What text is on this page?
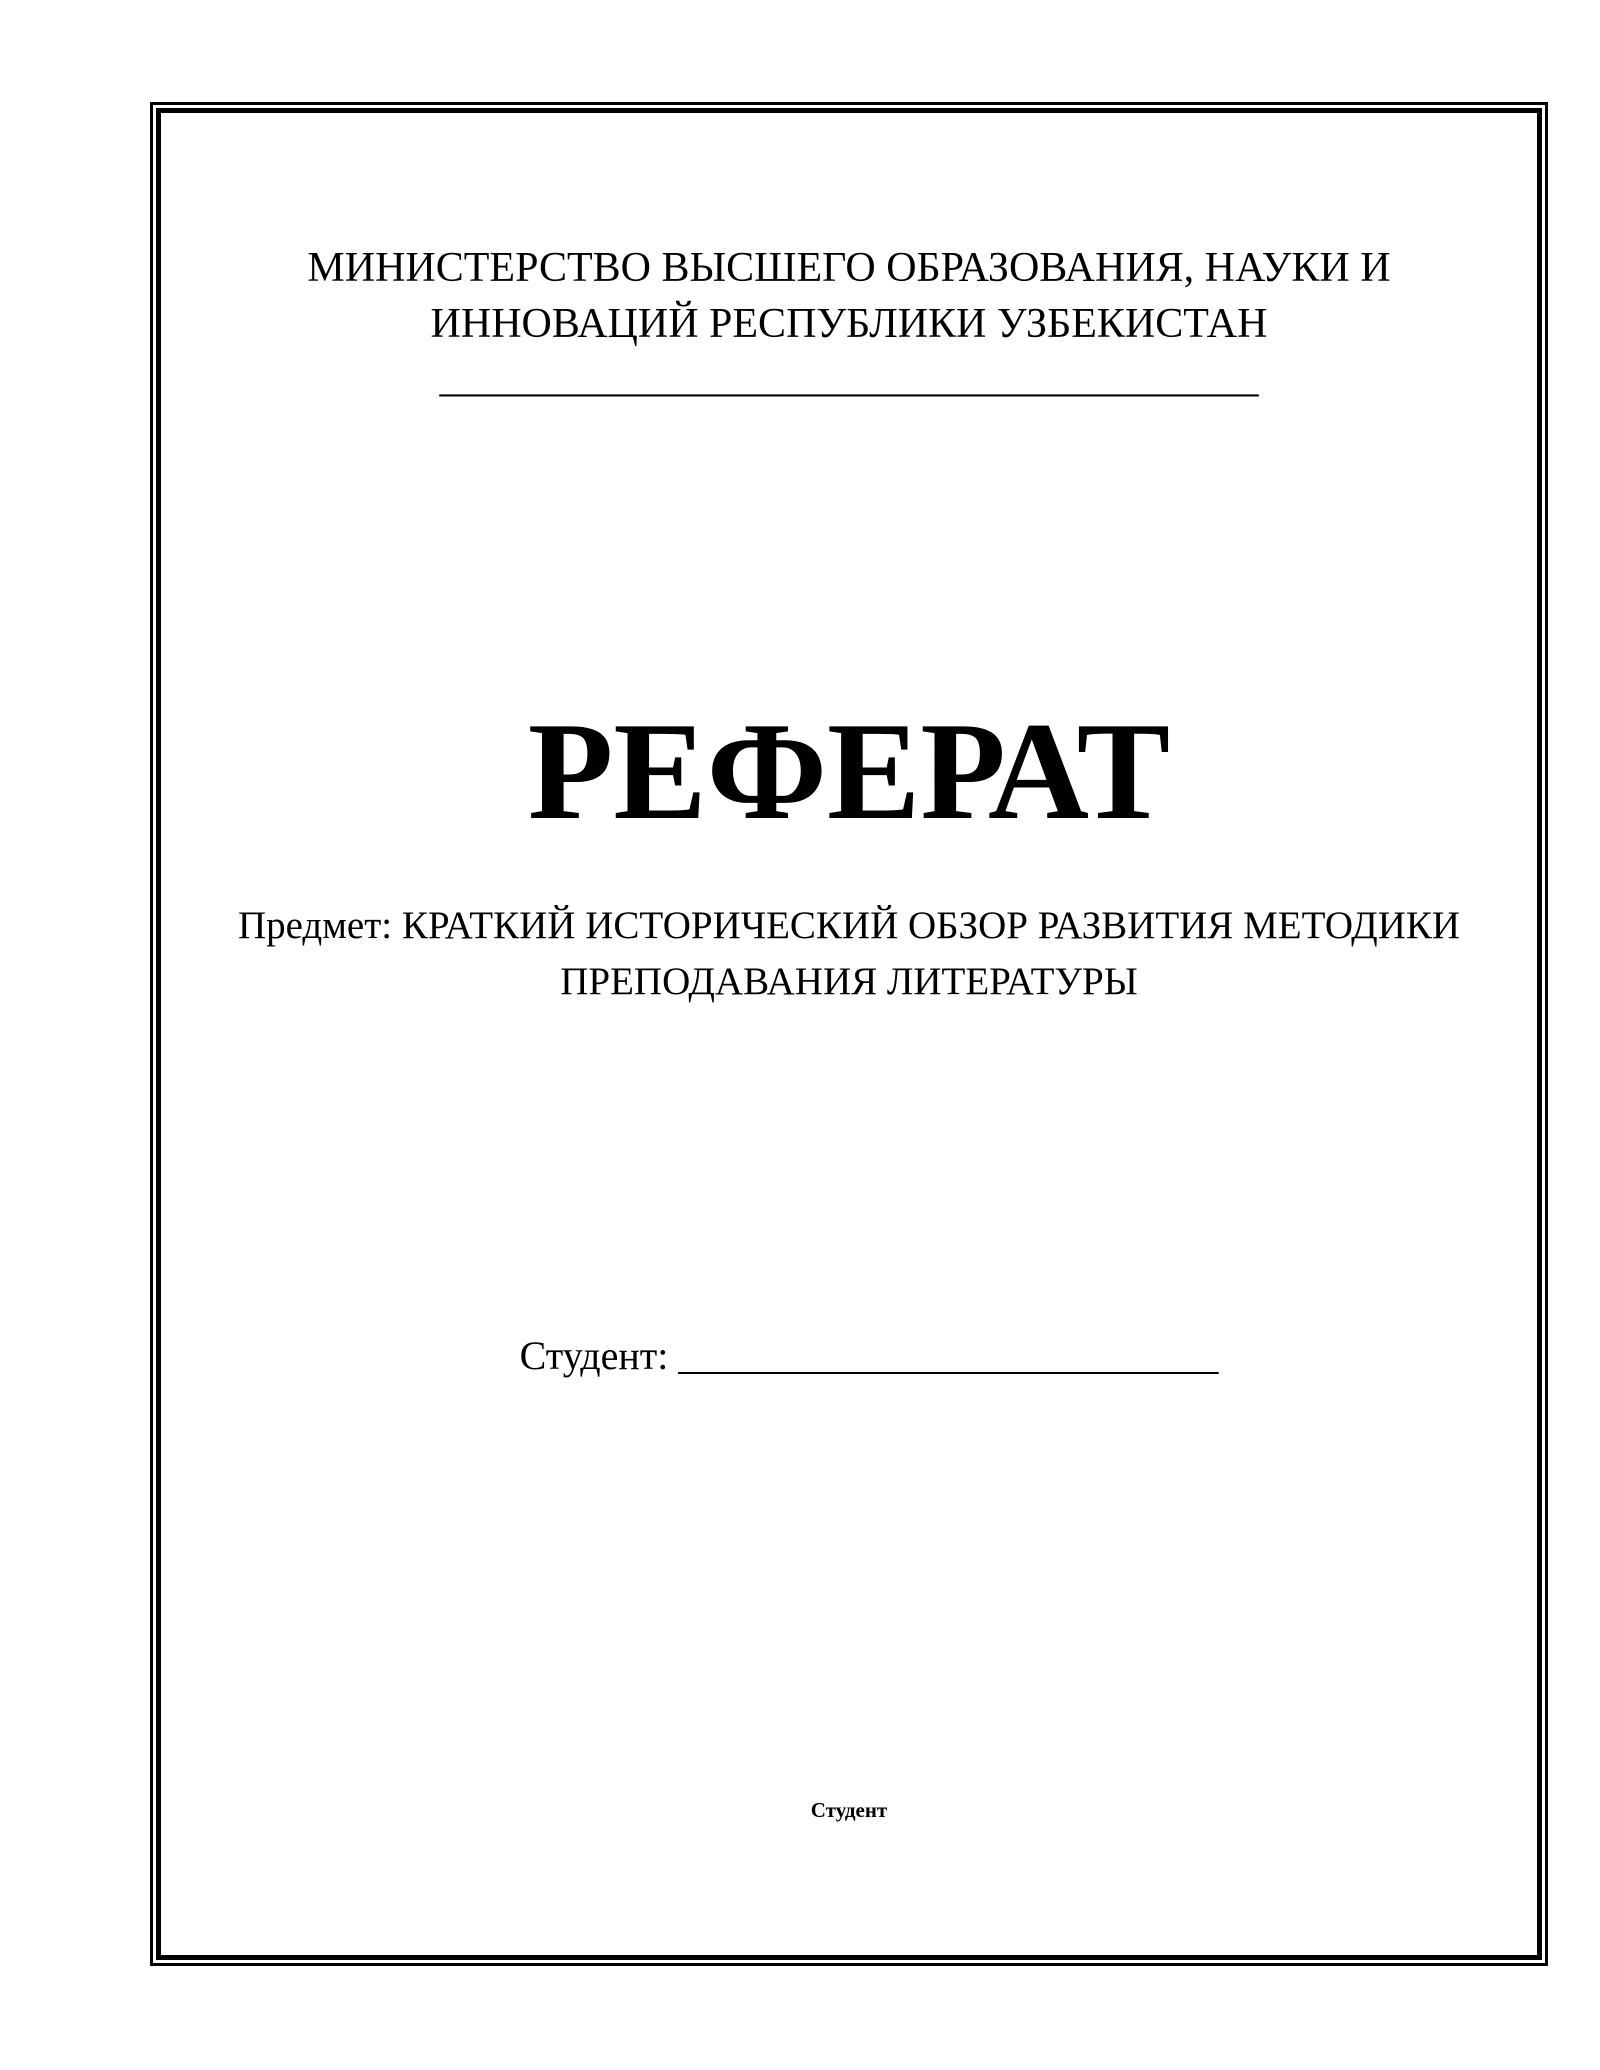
МИНИСТЕРСТВО ВЫСШЕГО ОБРАЗОВАНИЯ, НАУКИ И
ИННОВАЦИЙ РЕСПУБЛИКИ УЗБЕКИСТАН
_______________________________________
РЕФЕРАТ
Предмет: КРАТКИЙ ИСТОРИЧЕСКИЙ ОБЗОР РАЗВИТИЯ МЕТОДИКИ
ПРЕПОДАВАНИЯ ЛИТЕРАТУРЫ

Студент: ___________________________

Студент
